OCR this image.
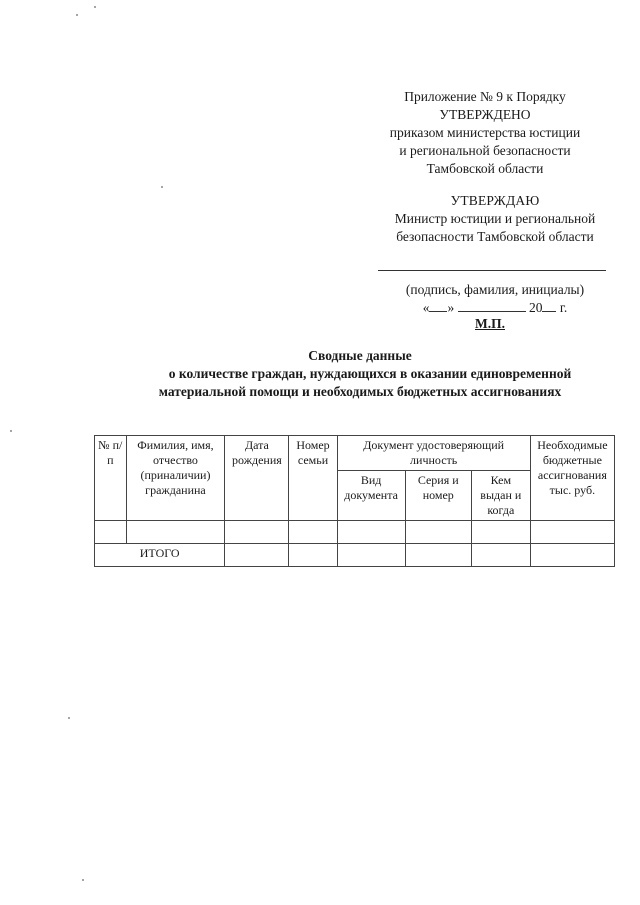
Приложение № 9 к Порядку
УТВЕРЖДЕНО
приказом министерства юстиции
и региональной безопасности
Тамбовской области
УТВЕРЖДАЮ
Министр юстиции и региональной
безопасности Тамбовской области
(подпись, фамилия, инициалы)
« »	20 г.
М.П.
Сводные данные
о количестве граждан, нуждающихся в оказании единовременной
материальной помощи и необходимых бюджетных ассигнованиях
№ п/п	Фимилия, имя, отчество (приналичии) гражданина	Дата рождения	Номер семьи	Документ удостоверяющий личность			Необходимые бюджетные ассигнования тыс. руб.
				Вид документа	Серия и номер	Кем выдан и когда	

ИТОГО							
